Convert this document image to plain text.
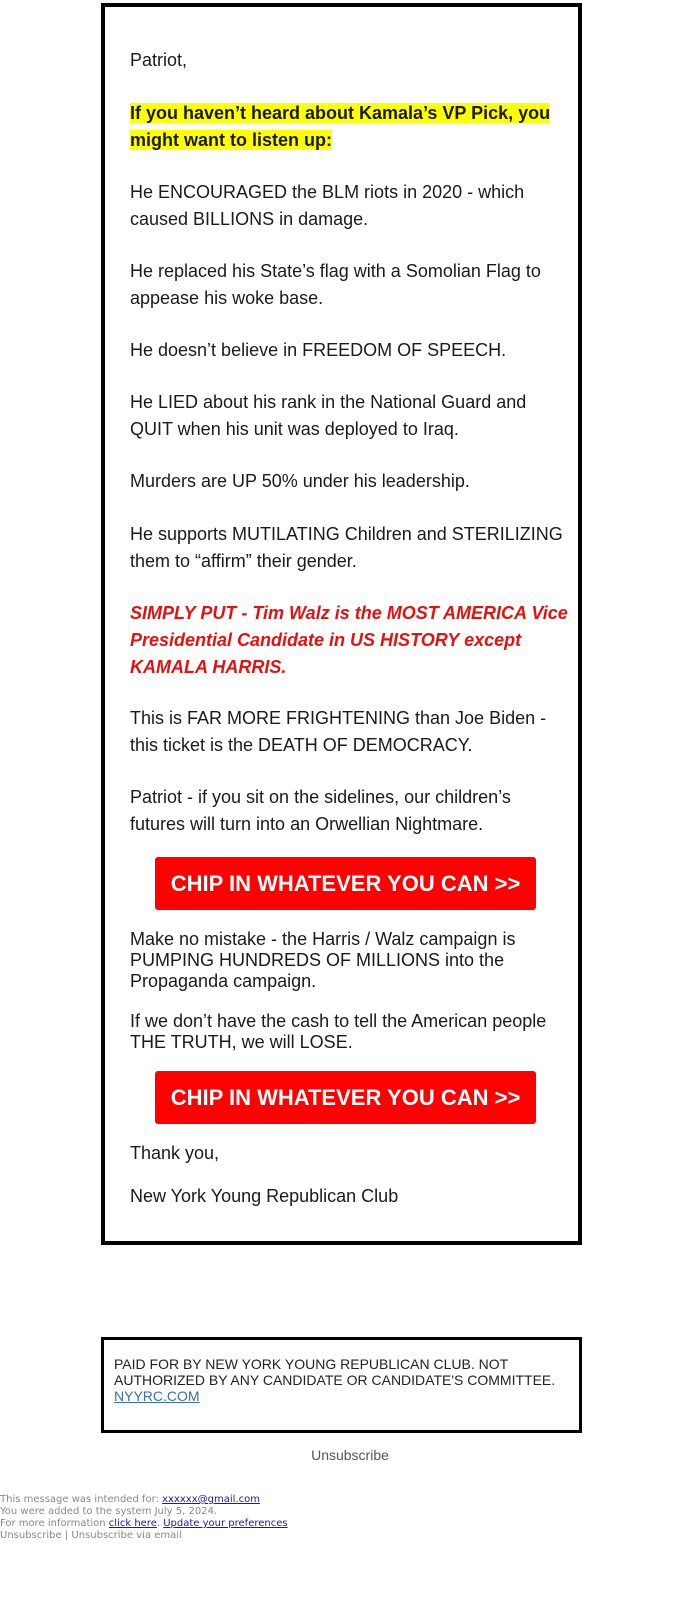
Patriot,

If you haven’t heard about Kamala’s VP Pick, you might want to listen up:

He ENCOURAGED the BLM riots in 2020 - which caused BILLIONS in damage.

He replaced his State’s flag with a Somolian Flag to appease his woke base.

He doesn’t believe in FREEDOM OF SPEECH.

He LIED about his rank in the National Guard and QUIT when his unit was deployed to Iraq.

Murders are UP 50% under his leadership.

He supports MUTILATING Children and STERILIZING them to “affirm” their gender.

SIMPLY PUT - Tim Walz is the MOST AMERICA Vice Presidential Candidate in US HISTORY except KAMALA HARRIS.

This is FAR MORE FRIGHTENING than Joe Biden - this ticket is the DEATH OF DEMOCRACY.

Patriot - if you sit on the sidelines, our children’s futures will turn into an Orwellian Nightmare.

CHIP IN WHATEVER YOU CAN >>

Make no mistake - the Harris / Walz campaign is PUMPING HUNDREDS OF MILLIONS into the Propaganda campaign.

If we don’t have the cash to tell the American people THE TRUTH, we will LOSE.

CHIP IN WHATEVER YOU CAN >>

Thank you,

New York Young Republican Club

PAID FOR BY NEW YORK YOUNG REPUBLICAN CLUB. NOT AUTHORIZED BY ANY CANDIDATE OR CANDIDATE'S COMMITTEE.
NYYRC.COM
Unsubscribe
This message was intended for: xxxxxx@gmail.com
You were added to the system July 5, 2024.
For more information click here. Update your preferences
Unsubscribe | Unsubscribe via email
